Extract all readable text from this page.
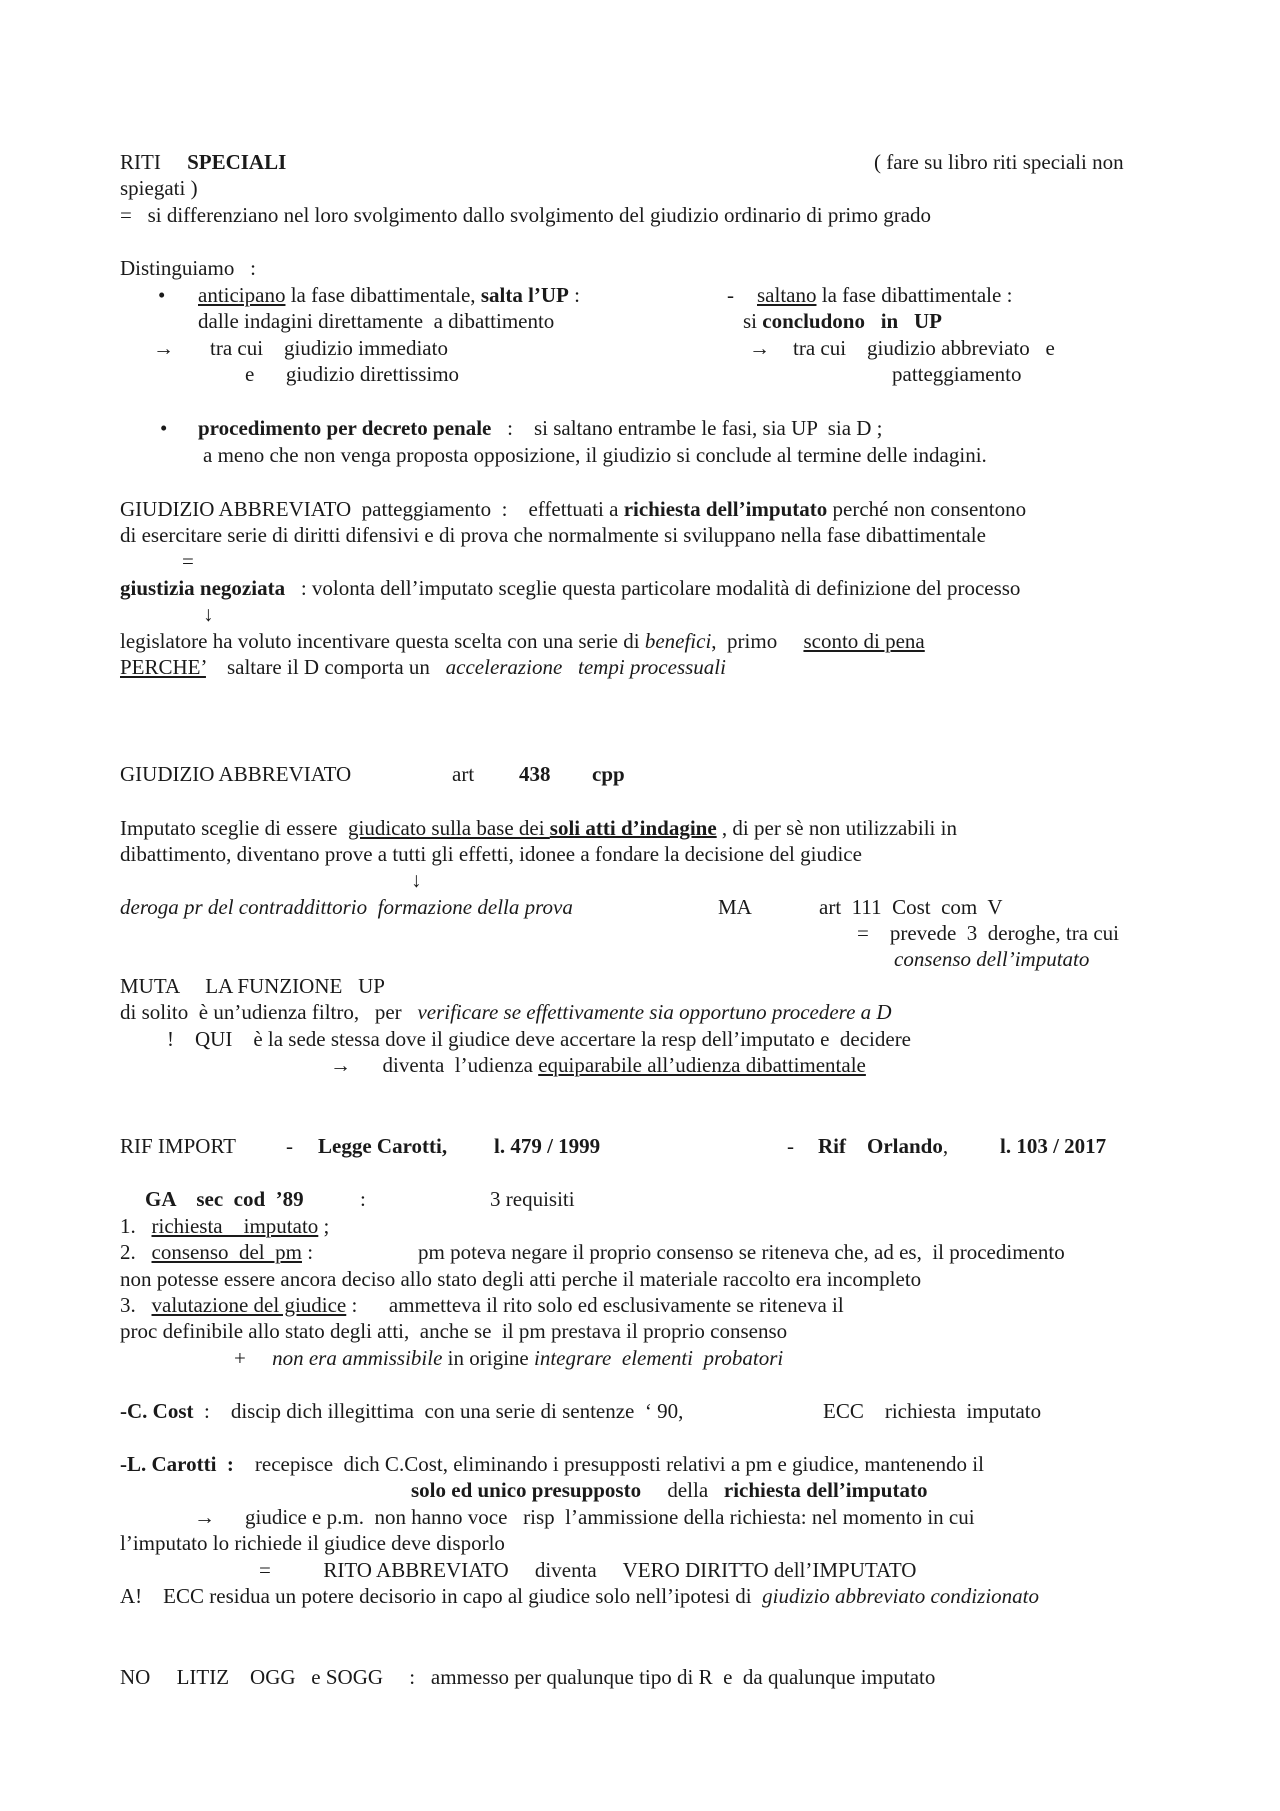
RITI SPECIALI	( fare su libro riti speciali non
spiegati )
=   si differenziano nel loro svolgimento dallo svolgimento del giudizio ordinario di primo grado
Distinguiamo   :
• anticipano la fase dibattimentale, salta l’UP :
dalle indagini direttamente  a dibattimento
→ tra cui    giudizio immediato
e      giudizio direttissimo
- saltano la fase dibattimentale :
si concludono   in   UP
→ tra cui    giudizio abbreviato   e
patteggiamento
• procedimento per decreto penale   :    si saltano entrambe le fasi, sia UP  sia D ;
a meno che non venga proposta opposizione, il giudizio si conclude al termine delle indagini.
GIUDIZIO ABBREVIATO  patteggiamento  :    effettuati a richiesta dell’imputato perché non consentono
di esercitare serie di diritti difensivi e di prova che normalmente si sviluppano nella fase dibattimentale
=
giustizia negoziata   : volonta dell’imputato sceglie questa particolare modalità di definizione del processo
↓
legislatore ha voluto incentivare questa scelta con una serie di benefici,  primo     sconto di pena
PERCHE’    saltare il D comporta un   accelerazione   tempi processuali
GIUDIZIO ABBREVIATO	art 438 cpp
Imputato sceglie di essere  giudicato sulla base dei soli atti d’indagine , di per sè non utilizzabili in
dibattimento, diventano prove a tutti gli effetti, idonee a fondare la decisione del giudice
↓
deroga pr del contraddittorio  formazione della prova	MA	art  111  Cost  com  V
=    prevede  3  deroghe, tra cui
consenso dell’imputato
MUTA     LA FUNZIONE   UP
di solito  è un’udienza filtro,   per   verificare se effettivamente sia opportuno procedere a D
!    QUI    è la sede stessa dove il giudice deve accertare la resp dell’imputato e  decidere
→      diventa  l’udienza equiparabile all’udienza dibattimentale
RIF IMPORT - Legge Carotti, l. 479 / 1999	- Rif    Orlando, l. 103 / 2017
GA    sec  cod  ’89	:	3 requisiti
1. richiesta    imputato ;
2. consenso  del  pm :	pm poteva negare il proprio consenso se riteneva che, ad es,  il procedimento
non potesse essere ancora deciso allo stato degli atti perche il materiale raccolto era incompleto
3. valutazione del giudice :      ammetteva il rito solo ed esclusivamente se riteneva il
proc definibile allo stato degli atti,  anche se  il pm prestava il proprio consenso
+     non era ammissibile in origine integrare  elementi  probatori
-C. Cost  :    discip dich illegittima  con una serie di sentenze  ‘ 90,	ECC    richiesta  imputato
-L. Carotti  :    recepisce  dich C.Cost, eliminando i presupposti relativi a pm e giudice, mantenendo il
solo ed unico presupposto     della   richiesta dell’imputato
→ giudice e p.m.  non hanno voce   risp  l’ammissione della richiesta: nel momento in cui
l’imputato lo richiede il giudice deve disporlo
=          RITO ABBREVIATO     diventa     VERO DIRITTO dell’IMPUTATO
A!    ECC residua un potere decisorio in capo al giudice solo nell’ipotesi di  giudizio abbreviato condizionato
NO     LITIZ    OGG   e SOGG     :   ammesso per qualunque tipo di R  e  da qualunque imputato
